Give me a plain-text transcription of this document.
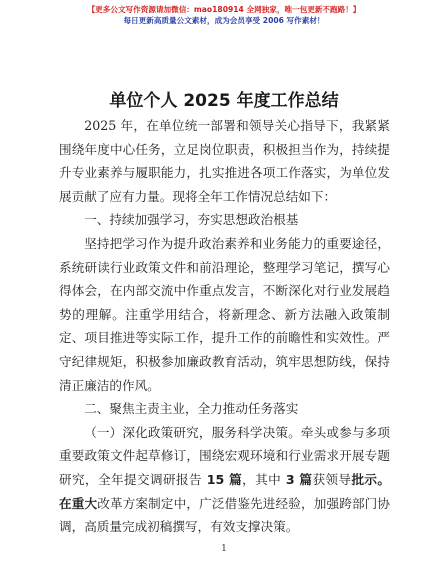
【更多公文写作资源请加微信：mao180914 全网独家，唯一包更新不跑路！】
每日更新高质量公文素材，成为会员享受 2006 写作素材！
单位个人 2025 年度工作总结

2025 年，在单位统一部署和领导关心指导下，我紧紧围绕年度中心任务，立足岗位职责，积极担当作为，持续提升专业素养与履职能力，扎实推进各项工作落实，为单位发展贡献了应有力量。现将全年工作情况总结如下：

一、持续加强学习，夯实思想政治根基

坚持把学习作为提升政治素养和业务能力的重要途径，系统研读行业政策文件和前沿理论，整理学习笔记，撰写心得体会，在内部交流中作重点发言，不断深化对行业发展趋势的理解。注重学用结合，将新理念、新方法融入政策制定、项目推进等实际工作，提升工作的前瞻性和实效性。严守纪律规矩，积极参加廉政教育活动，筑牢思想防线，保持清正廉洁的作风。

二、聚焦主责主业，全力推动任务落实

（一）深化政策研究，服务科学决策。牵头或参与多项重要政策文件起草修订，围绕宏观环境和行业需求开展专题研究，全年提交调研报告 15 篇，其中 3 篇获领导批示。在重大改革方案制定中，广泛借鉴先进经验，加强跨部门协调，高质量完成初稿撰写，有效支撑决策。

1
